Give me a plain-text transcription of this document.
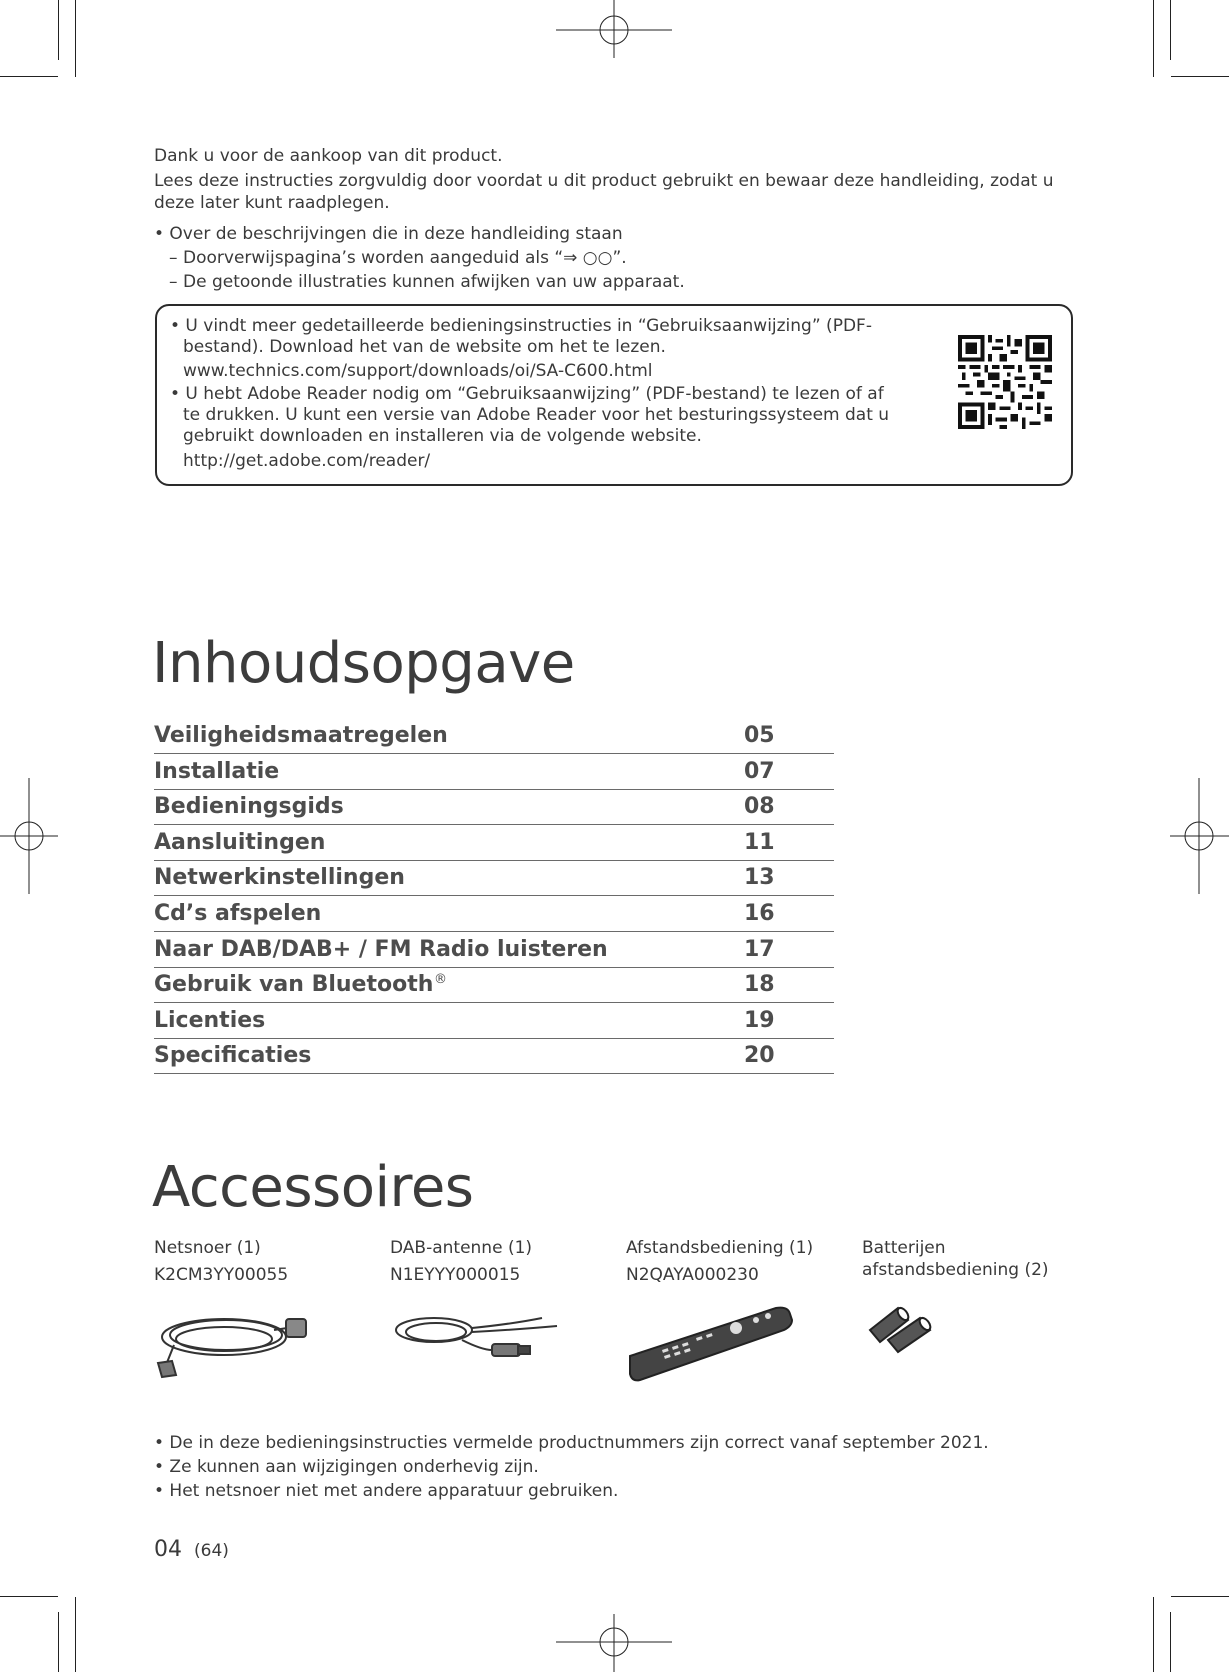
Dank u voor de aankoop van dit product.
Lees deze instructies zorgvuldig door voordat u dit product gebruikt en bewaar deze handleiding, zodat u
deze later kunt raadplegen.
• Over de beschrijvingen die in deze handleiding staan
– Doorverwijspagina’s worden aangeduid als “⇒ ○○”.
– De getoonde illustraties kunnen afwijken van uw apparaat.
• U vindt meer gedetailleerde bedieningsinstructies in “Gebruiksaanwijzing” (PDF-
bestand). Download het van de website om het te lezen.
www.technics.com/support/downloads/oi/SA-C600.html
• U hebt Adobe Reader nodig om “Gebruiksaanwijzing” (PDF-bestand) te lezen of af
te drukken. U kunt een versie van Adobe Reader voor het besturingssysteem dat u
gebruikt downloaden en installeren via de volgende website.
http://get.adobe.com/reader/
Inhoudsopgave
Veiligheidsmaatregelen	05
Installatie	07
Bedieningsgids	08
Aansluitingen	11
Netwerkinstellingen	13
Cd’s afspelen	16
Naar DAB/DAB+ / FM Radio luisteren	17
Gebruik van Bluetooth ®	18
Licenties	19
Specificaties	20
Accessoires
Netsnoer (1)
K2CM3YY00055
DAB-antenne (1)
N1EYYY000015
Afstandsbediening (1)
N2QAYA000230
Batterijen
afstandsbediening (2)
• De in deze bedieningsinstructies vermelde productnummers zijn correct vanaf september 2021.
• Ze kunnen aan wijzigingen onderhevig zijn.
• Het netsnoer niet met andere apparatuur gebruiken.
04 (64)
